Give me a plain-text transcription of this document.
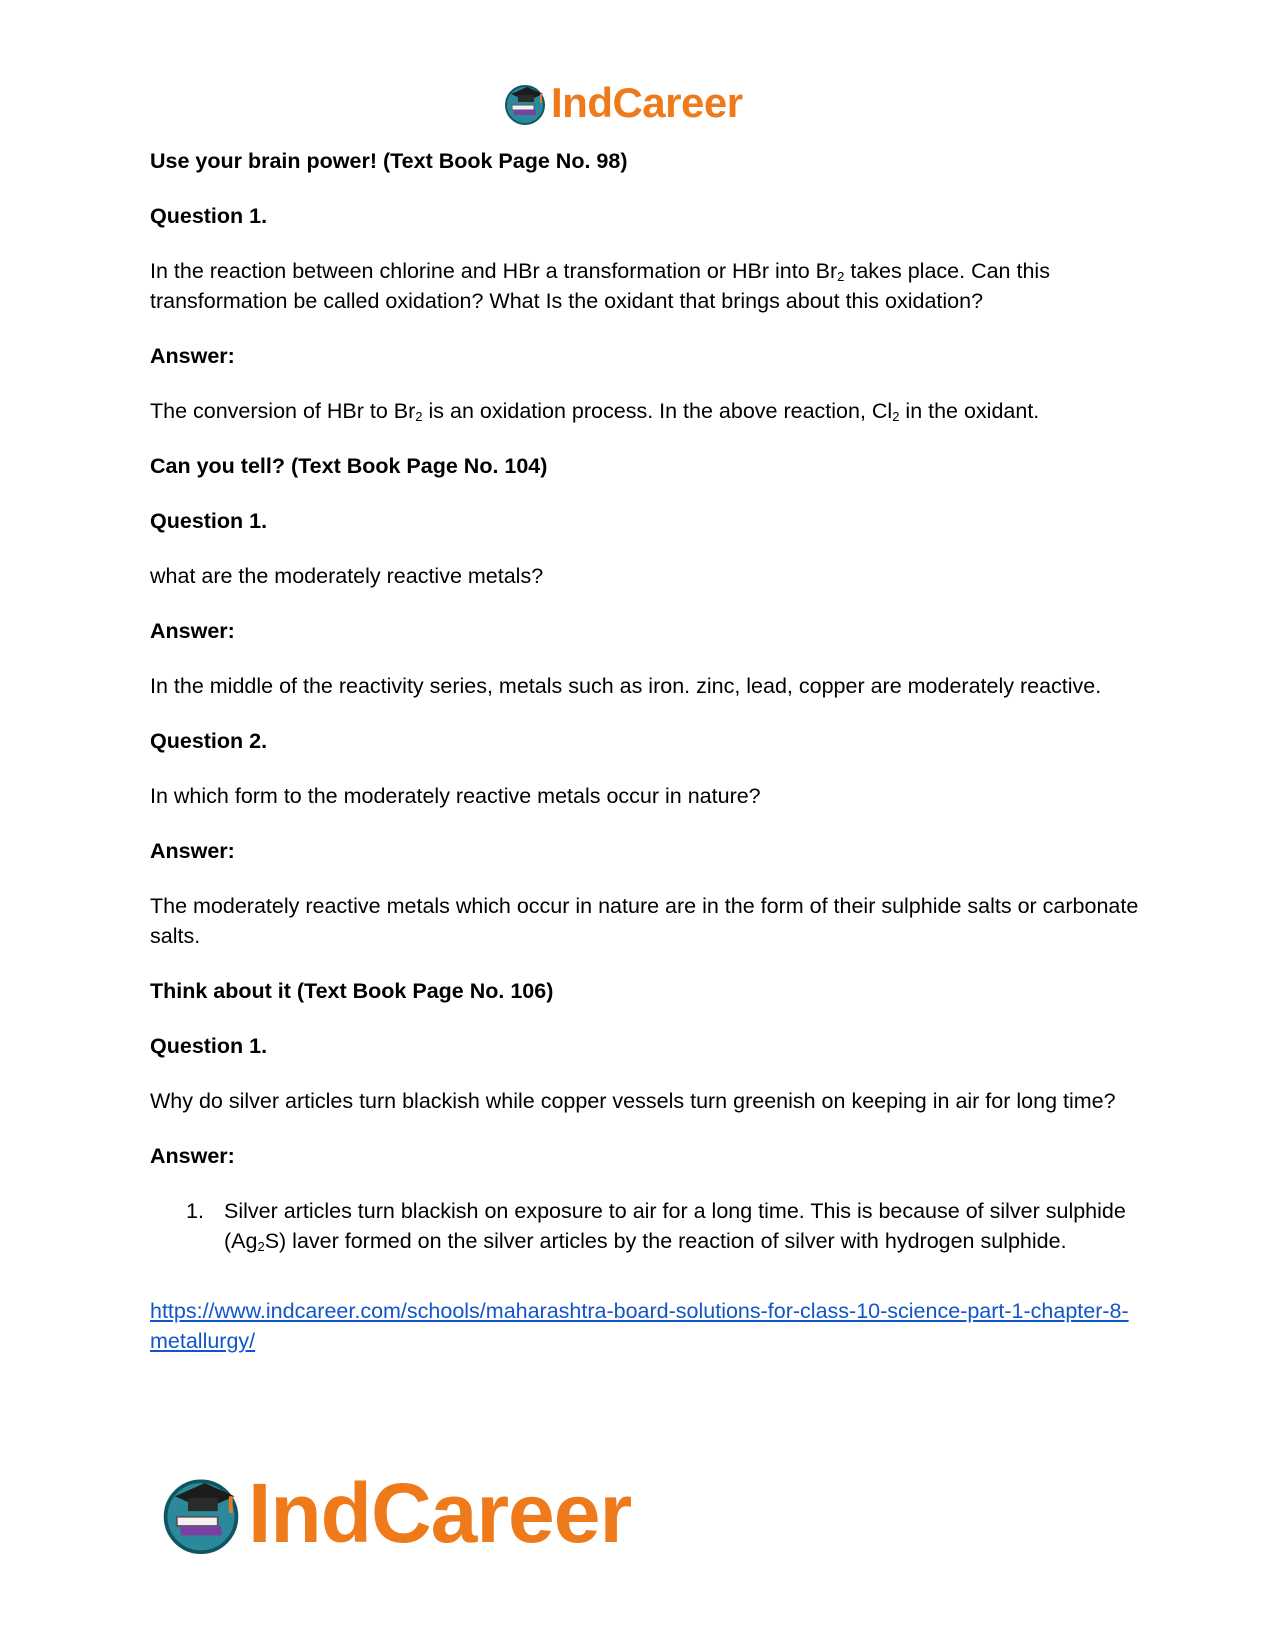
IndCareer

Use your brain power! (Text Book Page No. 98)

Question 1.

In the reaction between chlorine and HBr a transformation or HBr into $Br_2$ takes place. Can this transformation be called oxidation? What Is the oxidant that brings about this oxidation?

Answer:

The conversion of HBr to $Br_2$ is an oxidation process. In the above reaction, $Cl_2$ in the oxidant.

Can you tell? (Text Book Page No. 104)

Question 1.

what are the moderately reactive metals?

Answer:

In the middle of the reactivity series, metals such as iron. zinc, lead, copper are moderately reactive.

Question 2.

In which form to the moderately reactive metals occur in nature?

Answer:

The moderately reactive metals which occur in nature are in the form of their sulphide salts or carbonate salts.

Think about it (Text Book Page No. 106)

Question 1.

Why do silver articles turn blackish while copper vessels turn greenish on keeping in air for long time?

Answer:

1. Silver articles turn blackish on exposure to air for a long time. This is because of silver sulphide $(Ag_2S)$ laver formed on the silver articles by the reaction of silver with hydrogen sulphide.

https://www.indcareer.com/schools/maharashtra-board-solutions-for-class-10-science-part-1-chapter-8-metallurgy/

IndCareer
